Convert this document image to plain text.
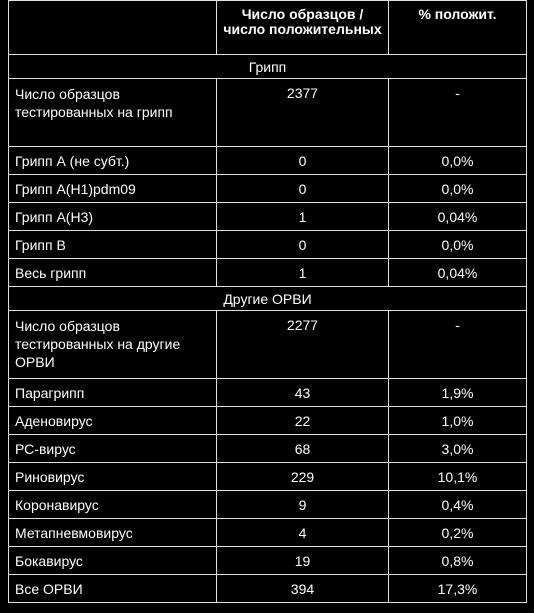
	Число образцов / число положительных	% положит.
Грипп		
Число образцов тестированных на грипп	2377	-
Грипп А (не субт.)	0	0,0%
Грипп А(H1)pdm09	0	0,0%
Грипп А(H3)	1	0,04%
Грипп В	0	0,0%
Весь грипп	1	0,04%
Другие ОРВИ		
Число образцов тестированных на другие ОРВИ	2277	-
Парагрипп	43	1,9%
Аденовирус	22	1,0%
РС-вирус	68	3,0%
Риновирус	229	10,1%
Коронавирус	9	0,4%
Метапневмовирус	4	0,2%
Бокавирус	19	0,8%
Все ОРВИ	394	17,3%
